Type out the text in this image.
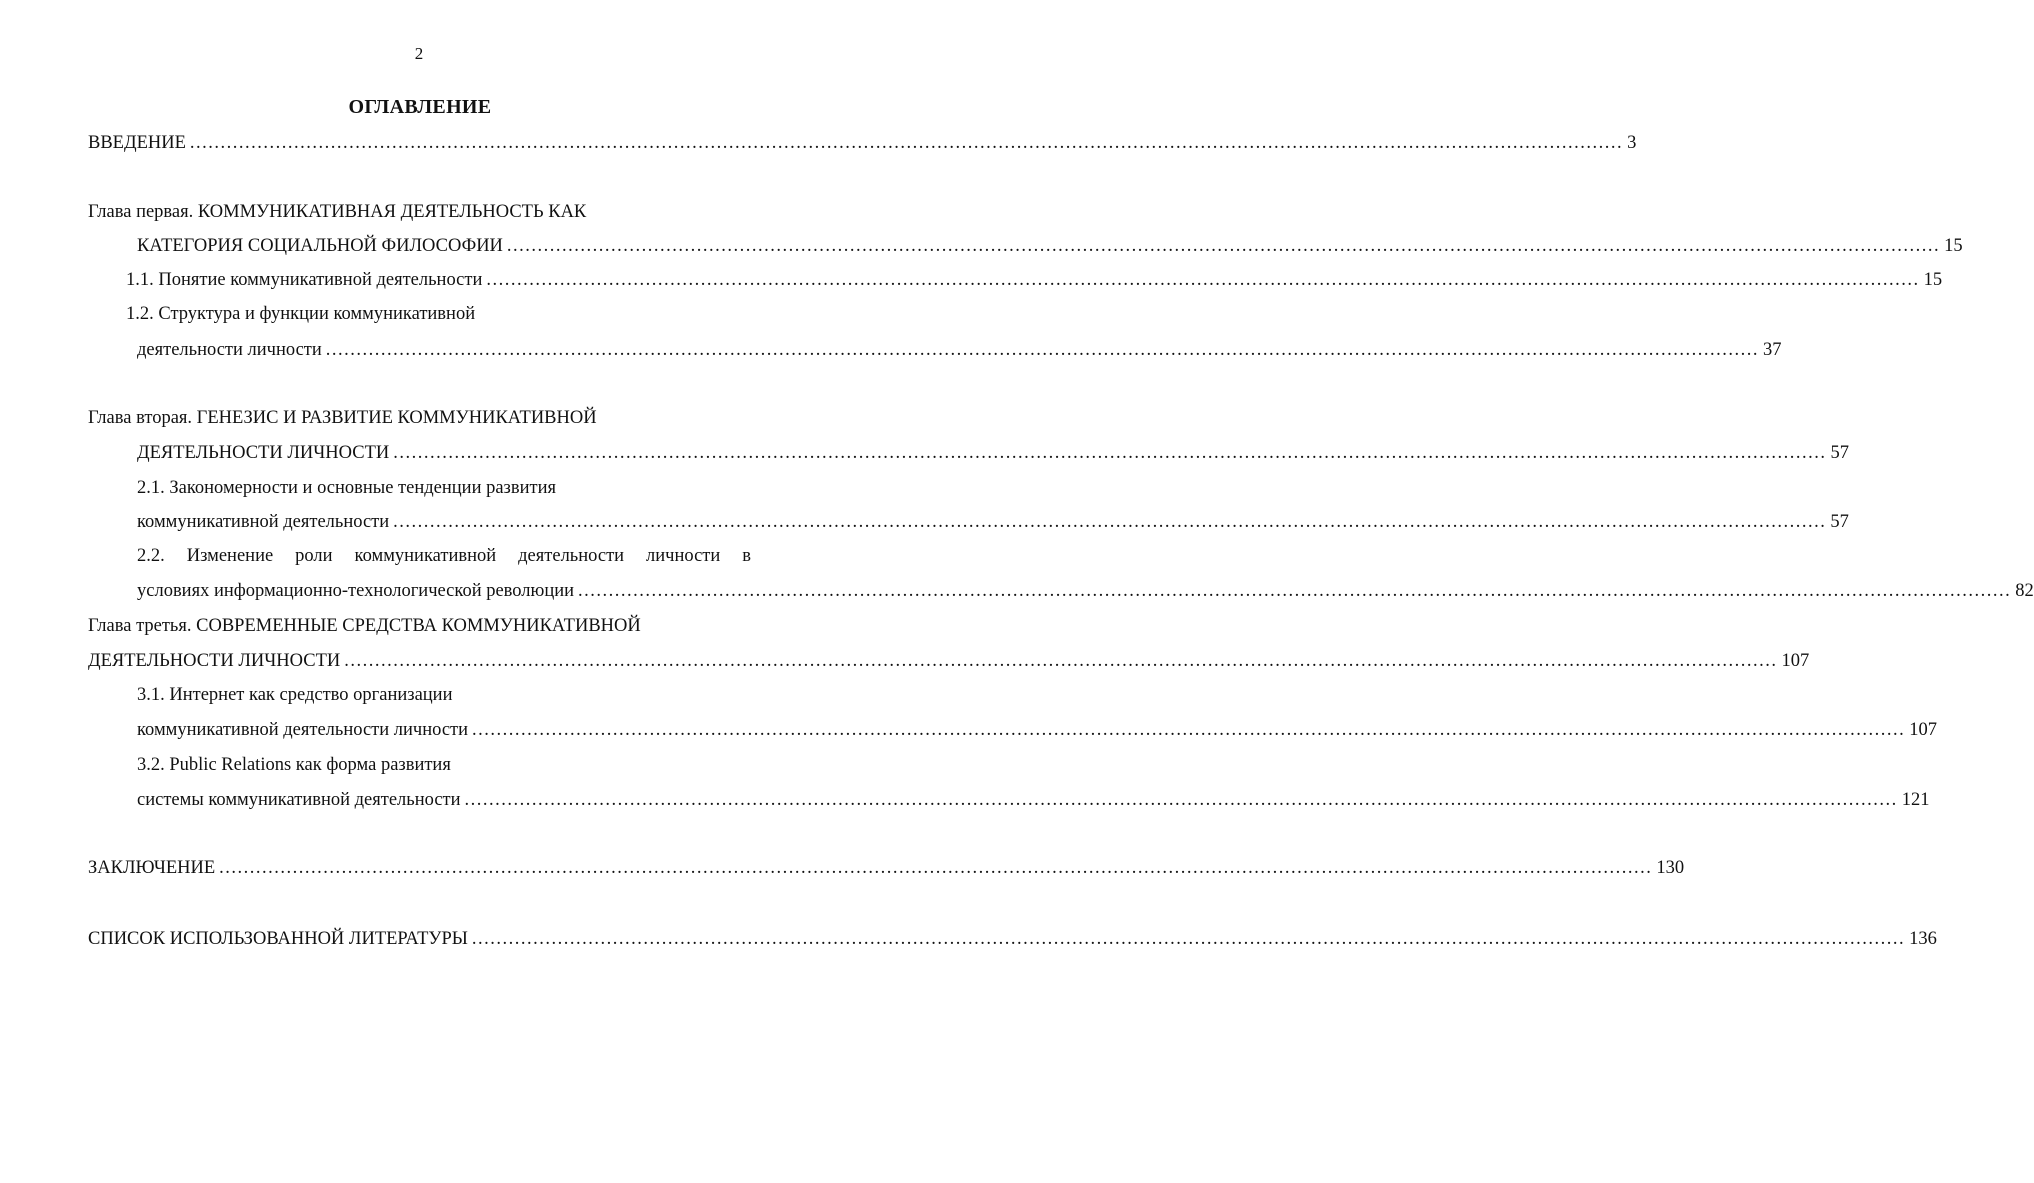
2
ОГЛАВЛЕНИЕ
ВВЕДЕНИЕ .......................................................................................................................................................................................................................................... 3
Глава первая. КОММУНИКАТИВНАЯ ДЕЯТЕЛЬНОСТЬ КАК
КАТЕГОРИЯ СОЦИАЛЬНОЙ ФИЛОСОФИИ .......................................................................................................................................................................................................................................... 15
1.1. Понятие коммуникативной деятельности .......................................................................................................................................................................................................................................... 15
1.2. Структура и функции коммуникативной
деятельности личности .......................................................................................................................................................................................................................................... 37
Глава вторая. ГЕНЕЗИС И РАЗВИТИЕ КОММУНИКАТИВНОЙ
ДЕЯТЕЛЬНОСТИ ЛИЧНОСТИ .......................................................................................................................................................................................................................................... 57
2.1. Закономерности и основные тенденции развития
коммуникативной деятельности .......................................................................................................................................................................................................................................... 57
2.2. Изменение роли коммуникативной деятельности личности в
условиях информационно-технологической революции .......................................................................................................................................................................................................................................... 82
Глава третья. СОВРЕМЕННЫЕ СРЕДСТВА КОММУНИКАТИВНОЙ
ДЕЯТЕЛЬНОСТИ ЛИЧНОСТИ .......................................................................................................................................................................................................................................... 107
3.1. Интернет как средство организации
коммуникативной деятельности личности .......................................................................................................................................................................................................................................... 107
3.2. Public Relations как форма развития
системы коммуникативной деятельности .......................................................................................................................................................................................................................................... 121
ЗАКЛЮЧЕНИЕ .......................................................................................................................................................................................................................................... 130
СПИСОК ИСПОЛЬЗОВАННОЙ ЛИТЕРАТУРЫ .......................................................................................................................................................................................................................................... 136
